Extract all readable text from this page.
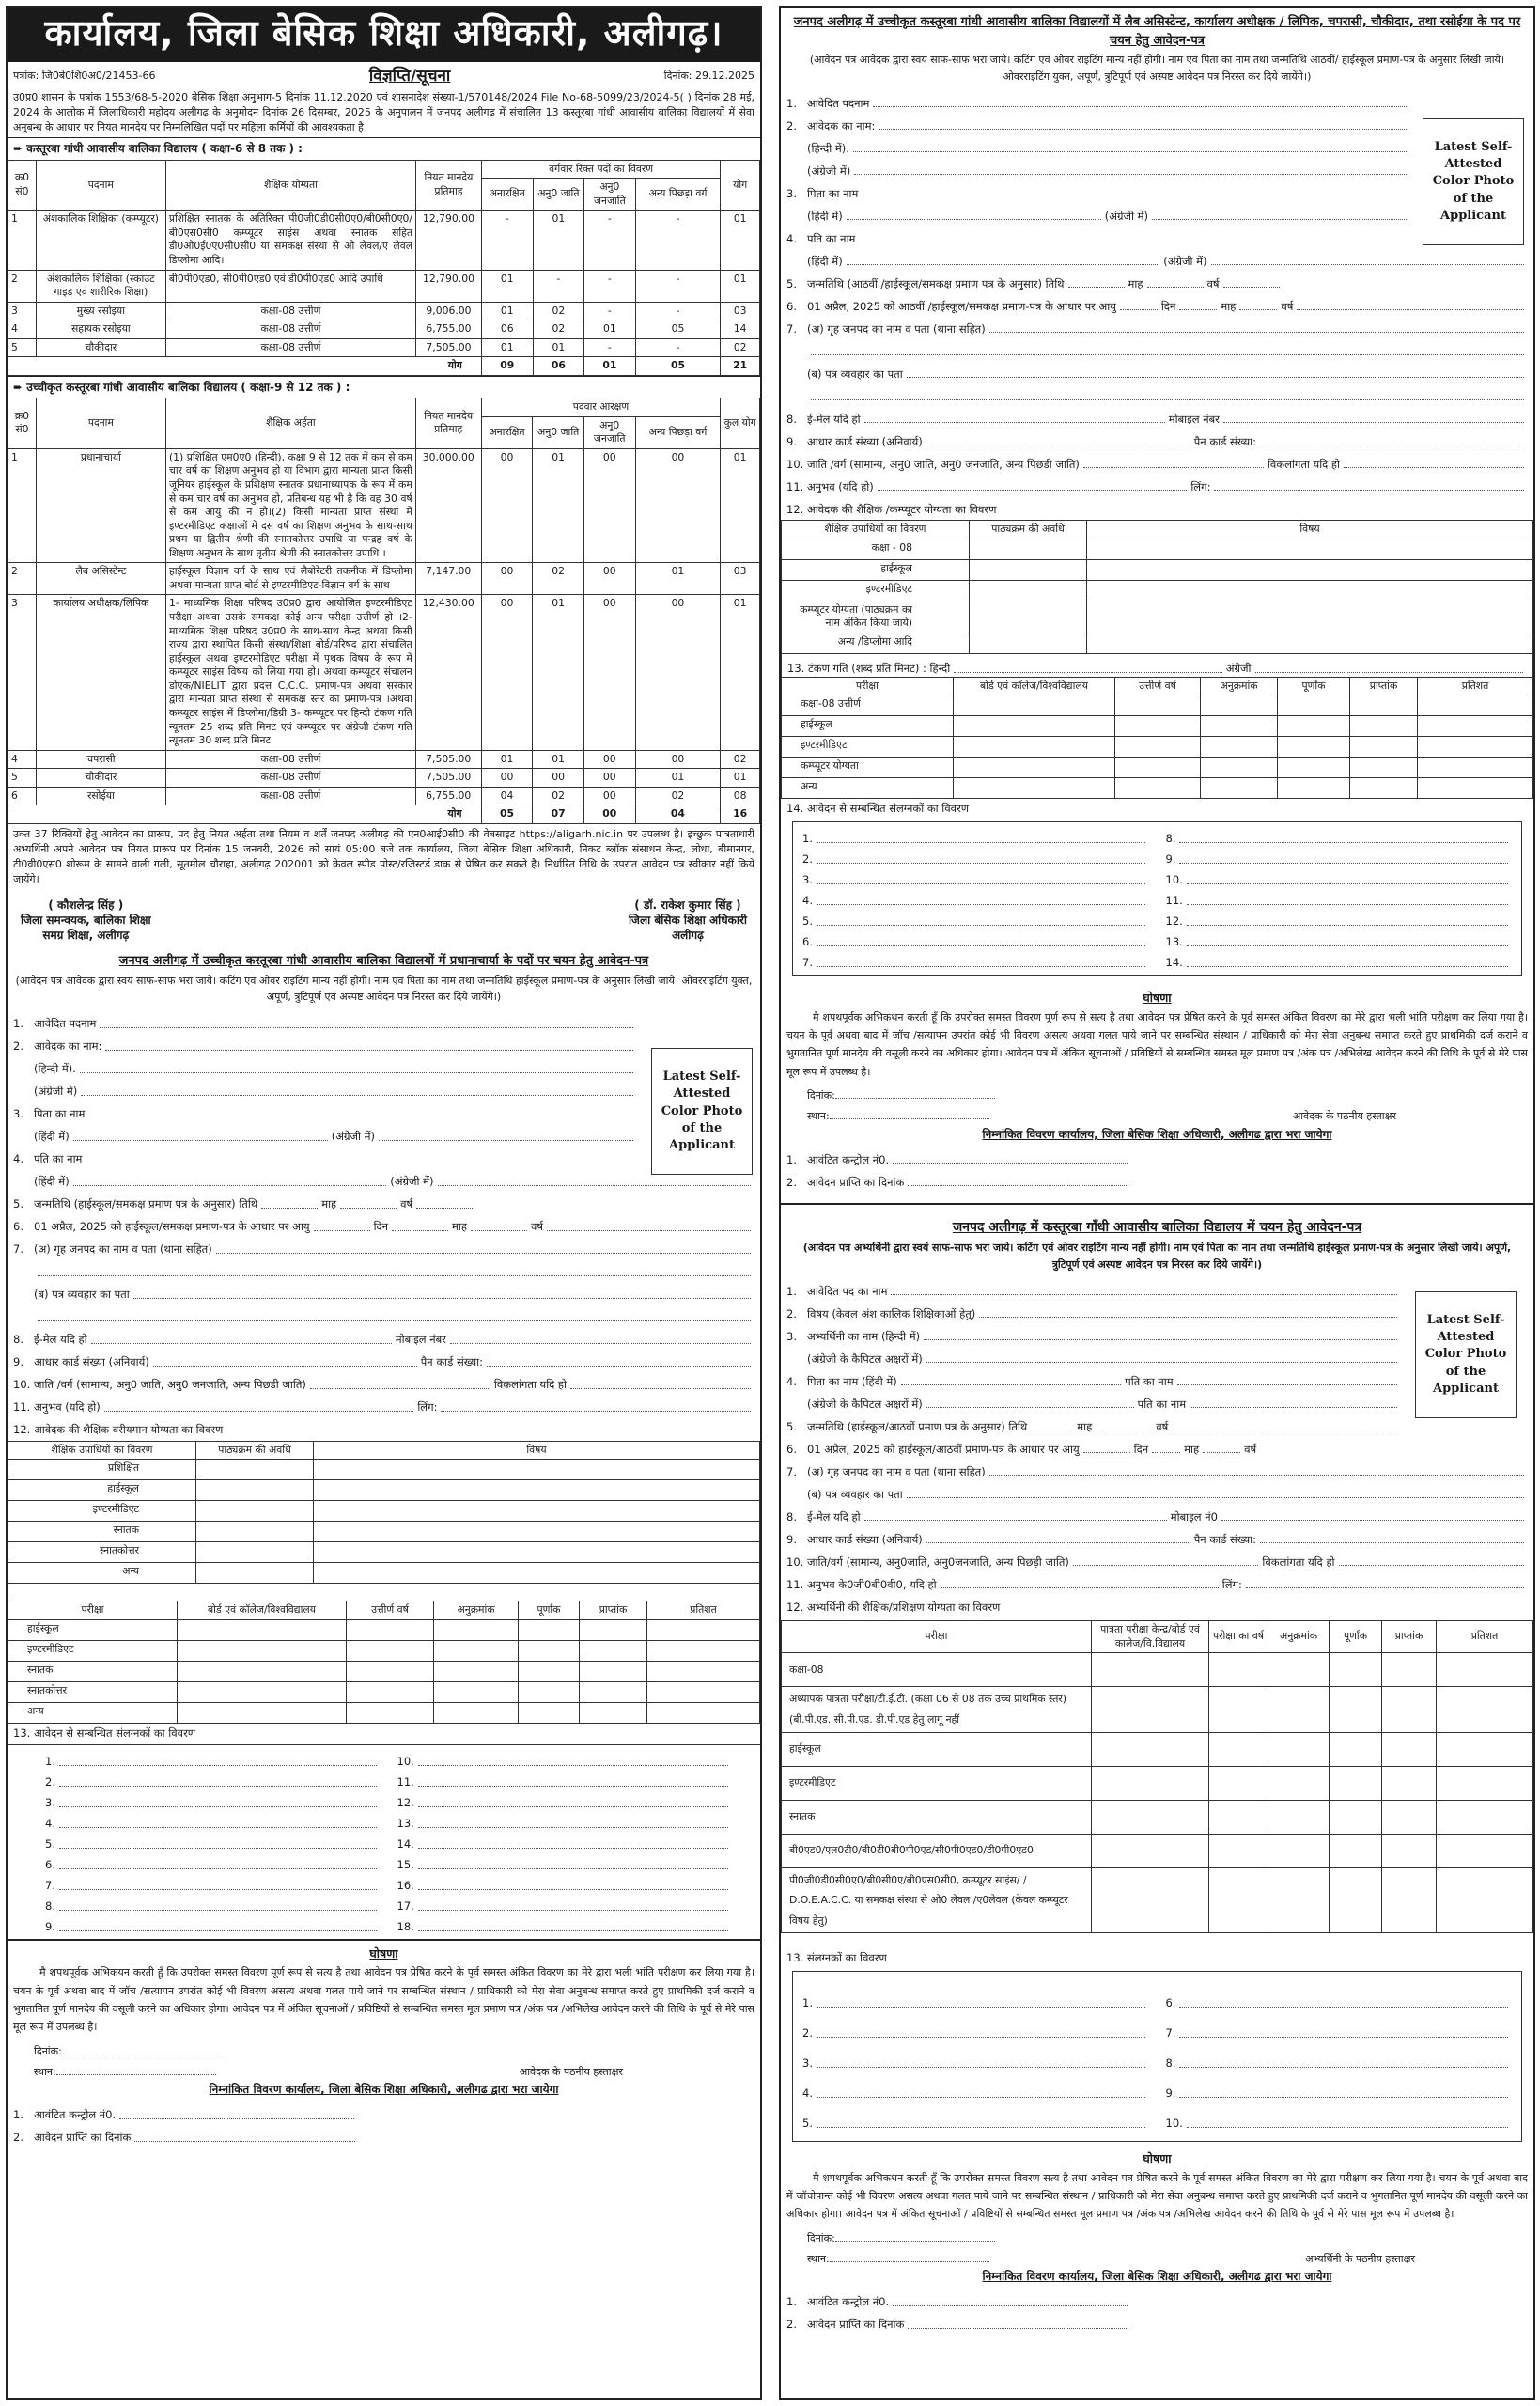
कार्यालय, जिला बेसिक शिक्षा अधिकारी, अलीगढ़।
पत्रांक: जि0बे0शि0अ0/21453-66	विज्ञप्ति/सूचना	दिनांक: 29.12.2025
उ0प्र0 शासन के पत्रांक 1553/68-5-2020 बेसिक शिक्षा अनुभाग-5 दिनांक 11.12.2020 एवं शासनादेश संख्या-1/570148/2024 File No-68-5099/23/2024-5( ) दिनांक 28 मई, 2024 के आलोक में जिलाधिकारी महोदय अलीगढ़ के अनुमोदन दिनांक 26 दिसम्बर, 2025 के अनुपालन में जनपद अलीगढ़ में संचालित 13 कस्तूरबा गांधी आवासीय बालिका विद्यालयों में सेवा अनुबन्ध के आधार पर नियत मानदेय पर निम्नलिखित पदों पर महिला कर्मियों की आवश्यकता है।
➨ कस्तूरबा गांधी आवासीय बालिका विद्यालय ( कक्षा-6 से 8 तक ) :
क्र0 सं0	पदनाम	शैक्षिक योग्यता	नियत मानदेय प्रतिमाह	वर्गवार रिक्त पदों का विवरण				योग
				अनारक्षित	अनु0 जाति	अनु0 जनजाति	अन्य पिछड़ा वर्ग	
1	अंशकालिक शिक्षिका (कम्प्यूटर)	प्रशिक्षित स्नातक के अतिरिक्त पी0जी0डी0सी0ए0/बी0सी0ए0/बी0एस0सी0 कम्प्यूटर साइंस अथवा स्नातक सहित डी0ओ0ई0ए0सी0सी0 या समकक्ष संस्था से ओ लेवल/ए लेवल डिप्लोमा आदि।	12,790.00	-	01	-	-	01
2	अंशकालिक शिक्षिका (स्काउट गाइड एवं शारीरिक शिक्षा)	बी0पी0एड0, सी0पी0एड0 एवं डी0पी0एड0 आदि उपाधि	12,790.00	01	-	-	-	01
3	मुख्य रसोइया	कक्षा-08 उत्तीर्ण	9,006.00	01	02	-	-	03
4	सहायक रसोइया	कक्षा-08 उत्तीर्ण	6,755.00	06	02	01	05	14
5	चौकीदार	कक्षा-08 उत्तीर्ण	7,505.00	01	01	-	-	02
योग				09	06	01	05	21
➨ उच्चीकृत कस्तूरबा गांधी आवासीय बालिका विद्यालय ( कक्षा-9 से 12 तक ) :
क्र0 सं0	पदनाम	शैक्षिक अर्हता	नियत मानदेय प्रतिमाह	पदवार आरक्षण				कुल योग
				अनारक्षित	अनु0 जाति	अनु0 जनजाति	अन्य पिछड़ा वर्ग	
1	प्रधानाचार्या	(1) प्रशिक्षित एम0ए0 (हिन्दी), कक्षा 9 से 12 तक में कम से कम चार वर्ष का शिक्षण अनुभव हो या विभाग द्वारा मान्यता प्राप्त किसी जूनियर हाईस्कूल के प्रशिक्षण स्नातक प्रधानाध्यापक के रूप में कम से कम चार वर्ष का अनुभव हो, प्रतिबन्ध यह भी है कि वह 30 वर्ष से कम आयु की न हो।(2) किसी मान्यता प्राप्त संस्था में इण्टरमीडिएट कक्षाओं में दस वर्ष का शिक्षण अनुभव के साथ-साथ प्रथम या द्वितीय श्रेणी की स्नातकोत्तर उपाधि या पन्द्रह वर्ष के शिक्षण अनुभव के साथ तृतीय श्रेणी की स्नातकोत्तर उपाधि ।	30,000.00	00	01	00	00	01
2	लैब असिस्टेन्ट	हाईस्कूल विज्ञान वर्ग के साथ एवं लैबोरेटरी तकनीक में डिप्लोमा अथवा मान्यता प्राप्त बोर्ड से इण्टरमीडिएट-विज्ञान वर्ग के साथ	7,147.00	00	02	00	01	03
3	कार्यालय अधीक्षक/लिपिक	1- माध्यमिक शिक्षा परिषद उ0प्र0 द्वारा आयोजित इण्टरमीडिएट परीक्षा अथवा उसके समकक्ष कोई अन्य परीक्षा उत्तीर्ण हो ।2- माध्यमिक शिक्षा परिषद उ0प्र0 के साथ-साथ केन्द्र अथवा किसी राज्य द्वारा स्थापित किसी संस्था/शिक्षा बोर्ड/परिषद द्वारा संचालित हाईस्कूल अथवा इण्टरमीडिएट परीक्षा में पृथक विषय के रूप में कम्प्यूटर साइंस विषय को लिया गया हो। अथवा कम्प्यूटर संचालन डोएक/NIELIT द्वारा प्रदत्त C.C.C. प्रमाण-पत्र अथवा सरकार द्वारा मान्यता प्राप्त संस्था से समकक्ष स्तर का प्रमाण-पत्र ।अथवा कम्प्यूटर साइंस में डिप्लोमा/डिग्री 3- कम्प्यूटर पर हिन्दी टंकण गति न्यूनतम 25 शब्द प्रति मिनट एवं कम्प्यूटर पर अंग्रेजी टंकण गति न्यूनतम 30 शब्द प्रति मिनट	12,430.00	00	01	00	00	01
4	चपरासी	कक्षा-08 उत्तीर्ण	7,505.00	01	01	00	00	02
5	चौकीदार	कक्षा-08 उत्तीर्ण	7,505.00	00	00	00	01	01
6	रसोईया	कक्षा-08 उत्तीर्ण	6,755.00	04	02	00	02	08
योग				05	07	00	04	16
उक्त 37 रिक्तियों हेतु आवेदन का प्रारूप, पद हेतु नियत अर्हता तथा नियम व शर्तें जनपद अलीगढ़ की एन0आई0सी0 की वेबसाइट https://aligarh.nic.in पर उपलब्ध है। इच्छुक पात्रताधारी अभ्यर्थिनी अपने आवेदन पत्र नियत प्रारूप पर दिनांक 15 जनवरी, 2026 को सायं 05:00 बजे तक कार्यालय, जिला बेसिक शिक्षा अधिकारी, निकट ब्लॉक संसाधन केन्द्र, लोधा, बीमानगर, टी0वी0एस0 शोरूम के सामने वाली गली, सूतमील चौराहा, अलीगढ़ 202001 को केवल स्पीड पोस्ट/रजिस्टर्ड डाक से प्रेषित कर सकते है। निर्धारित तिथि के उपरांत आवेदन पत्र स्वीकार नहीं किये जायेंगे।
( कौशलेन्द्र सिंह )
जिला समन्वयक, बालिका शिक्षा
समग्र शिक्षा, अलीगढ़
( डॉ. राकेश कुमार सिंह )
जिला बेसिक शिक्षा अधिकारी
अलीगढ़
जनपद अलीगढ़ में उच्चीकृत कस्तूरबा गांधी आवासीय बालिका विद्यालयों में प्रधानाचार्या के पदों पर चयन हेतु आवेदन-पत्र
(आवेदन पत्र आवेदक द्वारा स्वयं साफ-साफ भरा जाये। कटिंग एवं ओवर राइटिंग मान्य नहीं होगी। नाम एवं पिता का नाम तथा जन्मतिथि हाईस्कूल प्रमाण-पत्र के अनुसार लिखी जाये। ओवरराइटिंग युक्त, अपूर्ण, त्रुटिपूर्ण एवं अस्पष्ट आवेदन पत्र निरस्त कर दिये जायेंगे।)
Latest Self-Attested Color Photo of the Applicant
1. आवेदित पदनाम
2. आवेदक का नाम:
(हिन्दी में).
(अंग्रेजी में)
3. पिता का नाम
(हिंदी में)	(अंग्रेजी में)
4. पति का नाम
(हिंदी में)	(अंग्रेजी में)
5. जन्मतिथि (हाईस्कूल/समकक्ष प्रमाण पत्र के अनुसार) तिथि	माह	वर्ष
6. 01 अप्रैल, 2025 को हाईस्कूल/समकक्ष प्रमाण-पत्र के आधार पर आयु	दिन	माह	वर्ष
7. (अ) गृह जनपद का नाम व पता (थाना सहित)
(ब) पत्र व्यवहार का पता
8. ई-मेल यदि हो	मोबाइल नंबर
9. आधार कार्ड संख्या (अनिवार्य)	पैन कार्ड संख्या:
10. जाति /वर्ग (सामान्य, अनु0 जाति, अनु0 जनजाति, अन्य पिछडी जाति)	विकलांगता यदि हो
11. अनुभव (यदि हो)	लिंग:
12. आवेदक की शैक्षिक वरीयमान योग्यता का विवरण
शैक्षिक उपाधियों का विवरण	पाठ्यक्रम की अवधि	विषय
प्रशिक्षित		
हाईस्कूल		
इण्टरमीडिएट		
स्नातक		
स्नातकोत्तर		
अन्य		
परीक्षा	बोर्ड एवं कॉलेज/विश्वविद्यालय	उत्तीर्ण वर्ष	अनुक्रमांक	पूर्णांक	प्राप्तांक	प्रतिशत
हाईस्कूल						
इण्टरमीडिएट						
स्नातक						
स्नातकोत्तर						
अन्य						
13. आवेदन से सम्बन्धित संलग्नकों का विवरण
1.	10.
2.	11.
3.	12.
4.	13.
5.	14.
6.	15.
7.	16.
8.	17.
9.	18.
घोषणा
मै शपथपूर्वक अभिकयन करती हूँ कि उपरोक्त समस्त विवरण पूर्ण रूप से सत्य है तथा आवेदन पत्र प्रेषित करने के पूर्व समस्त अंकित विवरण का मेरे द्वारा भली भांति परीक्षण कर लिया गया है।चयन के पूर्व अथवा बाद में जॉच /सत्यापन उपरांत कोई भी विवरण असत्य अथवा गलत पाये जाने पर सम्बन्धित संस्थान / प्राधिकारी को मेरा सेवा अनुबन्ध समाप्त करते हुए प्राथमिकी दर्ज कराने व भुगतानित पूर्ण मानदेय की वसूली करने का अधिकार होगा। आवेदन पत्र में अंकित सूचनाओं / प्रविष्टियों से सम्बन्धित समस्त मूल प्रमाण पत्र /अंक पत्र /अभिलेख आवेदन करने की तिथि के पूर्व से मेरे पास मूल रूप में उपलब्ध है।
दिनांक:
स्थान:	आवेदक के पठनीय हस्ताक्षर
निम्नांकित विवरण कार्यालय, जिला बेसिक शिक्षा अधिकारी, अलीगढ द्वारा भरा जायेगा
1. आवंटित कन्ट्रोल नं0.
2. आवेदन प्राप्ति का दिनांक
जनपद अलीगढ़ में उच्चीकृत कस्तूरबा गांधी आवासीय बालिका विद्यालयों में लैब असिस्टेन्ट, कार्यालय अधीक्षक / लिपिक, चपरासी, चौकीदार, तथा रसोईया के पद पर चयन हेतु आवेदन-पत्र
(आवेदन पत्र आवेदक द्वारा स्वयं साफ-साफ भरा जाये। कटिंग एवं ओवर राइटिंग मान्य नहीं होगी। नाम एवं पिता का नाम तथा जन्मतिथि आठवीं/ हाईस्कूल प्रमाण-पत्र के अनुसार लिखी जाये। ओवरराइटिंग युक्त, अपूर्ण, त्रुटिपूर्ण एवं अस्पष्ट आवेदन पत्र निरस्त कर दिये जायेंगे।)
Latest Self-Attested Color Photo of the Applicant
1. आवेदित पदनाम
2. आवेदक का नाम:
(हिन्दी में).
(अंग्रेजी में)
3. पिता का नाम
(हिंदी में)	(अंग्रेजी में)
4. पति का नाम
(हिंदी में)	(अंग्रेजी में)
5. जन्मतिथि (आठवीं /हाईस्कूल/समकक्ष प्रमाण पत्र के अनुसार) तिथि	माह	वर्ष
6. 01 अप्रैल, 2025 को आठवीं /हाईस्कूल/समकक्ष प्रमाण-पत्र के आधार पर आयु	दिन	माह	वर्ष
7. (अ) गृह जनपद का नाम व पता (थाना सहित)
(ब) पत्र व्यवहार का पता
8. ई-मेल यदि हो	मोबाइल नंबर
9. आधार कार्ड संख्या (अनिवार्य)	पैन कार्ड संख्या:
10. जाति /वर्ग (सामान्य, अनु0 जाति, अनु0 जनजाति, अन्य पिछडी जाति)	विकलांगता यदि हो
11. अनुभव (यदि हो)	लिंग:
12. आवेदक की शैक्षिक /कम्प्यूटर योग्यता का विवरण
शैक्षिक उपाधियों का विवरण	पाठ्यक्रम की अवधि	विषय
कक्षा - 08		
हाईस्कूल		
इण्टरमीडिएट		
कम्प्यूटर योग्यता (पाठ्यक्रम का नाम अंकित किया जाये)		
अन्य /डिप्लोमा आदि		
13. टंकण गति (शब्द प्रति मिनट) : हिन्दी	अंग्रेजी
परीक्षा	बोर्ड एवं कॉलेज/विश्वविद्यालय	उत्तीर्ण वर्ष	अनुक्रमांक	पूर्णांक	प्राप्तांक	प्रतिशत
कक्षा-08 उत्तीर्ण						
हाईस्कूल						
इण्टरमीडिएट						
कम्प्यूटर योग्यता						
अन्य						
14. आवेदन से सम्बन्धित संलग्नकों का विवरण
1.	8.
2.	9.
3.	10.
4.	11.
5.	12.
6.	13.
7.	14.
घोषणा
मै शपथपूर्वक अभिकथन करती हूँ कि उपरोक्त समस्त विवरण पूर्ण रूप से सत्य है तथा आवेदन पत्र प्रेषित करने के पूर्व समस्त अंकित विवरण का मेरे द्वारा भली भांति परीक्षण कर लिया गया है।चयन के पूर्व अथवा बाद में जॉच /सत्यापन उपरांत कोई भी विवरण असत्य अथवा गलत पाये जाने पर सम्बन्धित संस्थान / प्राधिकारी को मेरा सेवा अनुबन्ध समाप्त करते हुए प्राथमिकी दर्ज कराने व भुगतानित पूर्ण मानदेय की वसूली करने का अधिकार होगा। आवेदन पत्र में अंकित सूचनाओं / प्रविष्टियों से सम्बन्धित समस्त मूल प्रमाण पत्र /अंक पत्र /अभिलेख आवेदन करने की तिथि के पूर्व से मेरे पास मूल रूप में उपलब्ध है।
दिनांक:
स्थान:	आवेदक के पठनीय हस्ताक्षर
निम्नांकित विवरण कार्यालय, जिला बेसिक शिक्षा अधिकारी, अलीगढ द्वारा भरा जायेगा
1. आवंटित कन्ट्रोल नं0.
2. आवेदन प्राप्ति का दिनांक
जनपद अलीगढ़ में कस्तूरबा गाँधी आवासीय बालिका विद्यालय में चयन हेतु आवेदन-पत्र
(आवेदन पत्र अभ्यर्थिनी द्वारा स्वयं साफ-साफ भरा जाये। कटिंग एवं ओवर राइटिंग मान्य नहीं होगी। नाम एवं पिता का नाम तथा जन्मतिथि हाईस्कूल प्रमाण-पत्र के अनुसार लिखी जाये। अपूर्ण, त्रुटिपूर्ण एवं अस्पष्ट आवेदन पत्र निरस्त कर दिये जायेंगे।)
Latest Self-Attested Color Photo of the Applicant
1. आवेदित पद का नाम
2. विषय (केवल अंश कालिक शिक्षिकाओं हेतु)
3. अभ्यर्थिनी का नाम (हिन्दी में)
(अंग्रेजी के कैपिटल अक्षरों में)
4. पिता का नाम (हिंदी में)	पति का नाम
(अंग्रेजी के कैपिटल अक्षरों में)	पति का नाम
5. जन्मतिथि (हाईस्कूल/आठवीं प्रमाण पत्र के अनुसार) तिथि	माह	वर्ष
6. 01 अप्रैल, 2025 को हाईस्कूल/आठवीं प्रमाण-पत्र के आधार पर आयु	दिन	माह	वर्ष
7. (अ) गृह जनपद का नाम व पता (थाना सहित)
(ब) पत्र व्यवहार का पता
8. ई-मेल यदि हो	मोबाइल नं0
9. आधार कार्ड संख्या (अनिवार्य)	पैन कार्ड संख्या:
10. जाति/वर्ग (सामान्य, अनु0जाति, अनु0जनजाति, अन्य पिछड़ी जाति)	विकलांगता यदि हो
11. अनुभव के0जी0बी0वी0, यदि हो	लिंग:
12. अभ्यर्थिनी की शैक्षिक/प्रशिक्षण योग्यता का विवरण
परीक्षा	पात्रता परीक्षा केन्द्र/बोर्ड एवं कालेज/वि.विद्यालय	परीक्षा का वर्ष	अनुक्रमांक	पूर्णांक	प्राप्तांक	प्रतिशत
कक्षा-08						
अध्यापक पात्रता परीक्षा/टी.ई.टी. (कक्षा 06 से 08 तक उच्च प्राथमिक स्तर) (बी.पी.एड. सी.पी.एड. डी.पी.एड हेतु लागू नहीं						
हाईस्कूल						
इण्टरमीडिएट						
स्नातक						
बी0एड0/एल0टी0/बी0टी0बी0पी0एड/सी0पी0एड0/डी0पी0एड0						
पी0जी0डी0सी0ए0/बी0सी0ए/बी0एस0सी0, कम्प्यूटर साइंस/ / D.O.E.A.C.C. या समकक्ष संस्था से ओ0 लेवल /ए0लेवल (केवल कम्प्यूटर विषय हेतु)						
13. संलग्नकों का विवरण
1.	6.
2.	7.
3.	8.
4.	9.
5.	10.
घोषणा
मै शपथपूर्वक अभिकथन करती हूँ कि उपरोक्त समस्त विवरण सत्य है तथा आवेदन पत्र प्रेषित करने के पूर्व समस्त अंकित विवरण का मेरे द्वारा परीक्षण कर लिया गया है। चयन के पूर्व अथवा बाद में जॉचोपान्त कोई भी विवरण असत्य अथवा गलत पाये जाने पर सम्बन्धित संस्थान / प्राधिकारी को मेरा सेवा अनुबन्ध समाप्त करते हुए प्राथमिकी दर्ज कराने व भुगतानित पूर्ण मानदेय की वसूली करने का अधिकार होगा। आवेदन पत्र में अंकित सूचनाओं / प्रविष्टियों से सम्बन्धित समस्त मूल प्रमाण पत्र /अंक पत्र /अभिलेख आवेदन करने की तिथि के पूर्व से मेरे पास मूल रूप में उपलब्ध है।
दिनांक:
स्थान:	अभ्यर्थिनी के पठनीय हस्ताक्षर
निम्नांकित विवरण कार्यालय, जिला बेसिक शिक्षा अधिकारी, अलीगढ द्वारा भरा जायेगा
1. आवंटित कन्ट्रोल नं0.
2. आवेदन प्राप्ति का दिनांक
